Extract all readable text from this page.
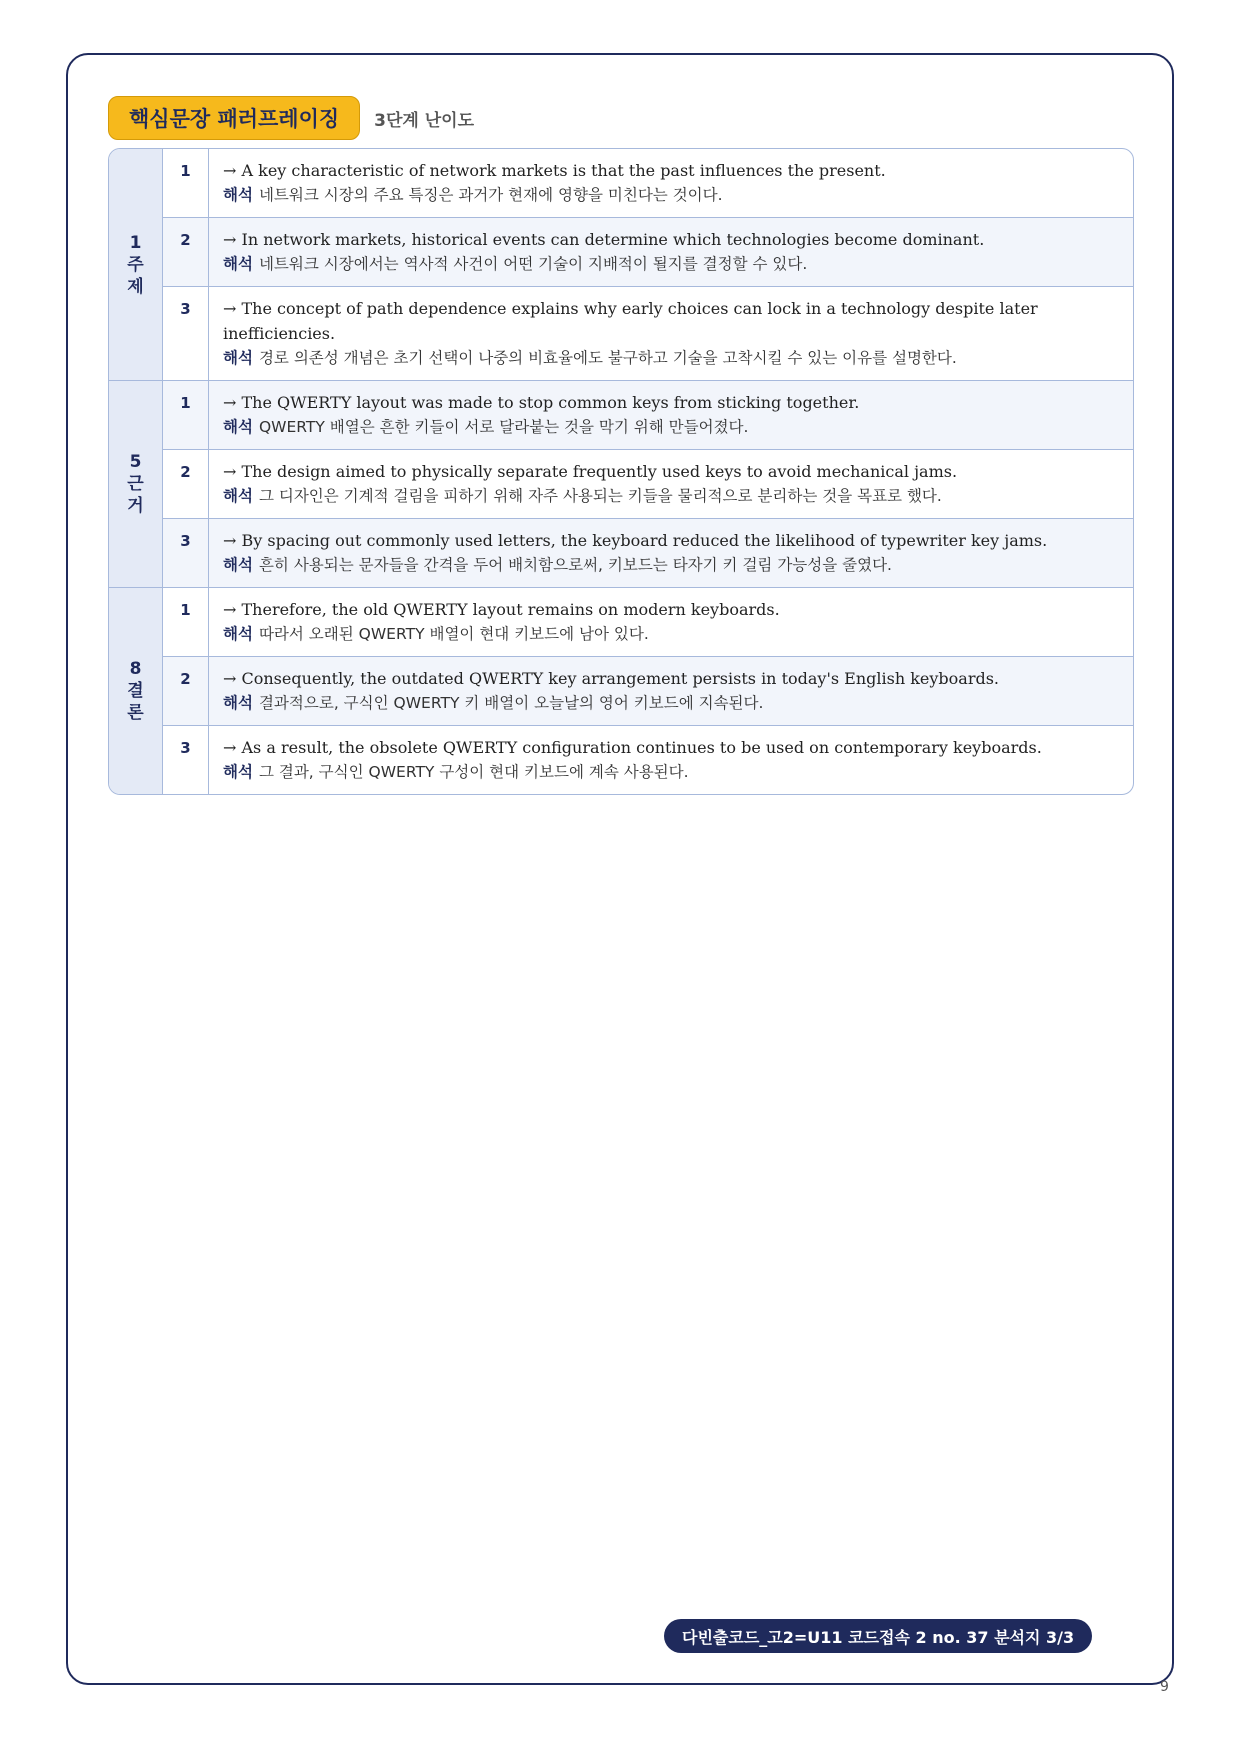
핵심문장 패러프레이징	3단계 난이도
1
주
제
1	→ A key characteristic of network markets is that the past influences the present.
해석 네트워크 시장의 주요 특징은 과거가 현재에 영향을 미친다는 것이다.
2	→ In network markets, historical events can determine which technologies become dominant.
해석 네트워크 시장에서는 역사적 사건이 어떤 기술이 지배적이 될지를 결정할 수 있다.
3	→ The concept of path dependence explains why early choices can lock in a technology despite later inefficiencies.
해석 경로 의존성 개념은 초기 선택이 나중의 비효율에도 불구하고 기술을 고착시킬 수 있는 이유를 설명한다.
5
근
거
1	→ The QWERTY layout was made to stop common keys from sticking together.
해석 QWERTY 배열은 흔한 키들이 서로 달라붙는 것을 막기 위해 만들어졌다.
2	→ The design aimed to physically separate frequently used keys to avoid mechanical jams.
해석 그 디자인은 기계적 걸림을 피하기 위해 자주 사용되는 키들을 물리적으로 분리하는 것을 목표로 했다.
3	→ By spacing out commonly used letters, the keyboard reduced the likelihood of typewriter key jams.
해석 흔히 사용되는 문자들을 간격을 두어 배치함으로써, 키보드는 타자기 키 걸림 가능성을 줄였다.
8
결
론
1	→ Therefore, the old QWERTY layout remains on modern keyboards.
해석 따라서 오래된 QWERTY 배열이 현대 키보드에 남아 있다.
2	→ Consequently, the outdated QWERTY key arrangement persists in today's English keyboards.
해석 결과적으로, 구식인 QWERTY 키 배열이 오늘날의 영어 키보드에 지속된다.
3	→ As a result, the obsolete QWERTY configuration continues to be used on contemporary keyboards.
해석 그 결과, 구식인 QWERTY 구성이 현대 키보드에 계속 사용된다.
다빈출코드_고2=U11 코드접속 2 no. 37 분석지 3/3
9
